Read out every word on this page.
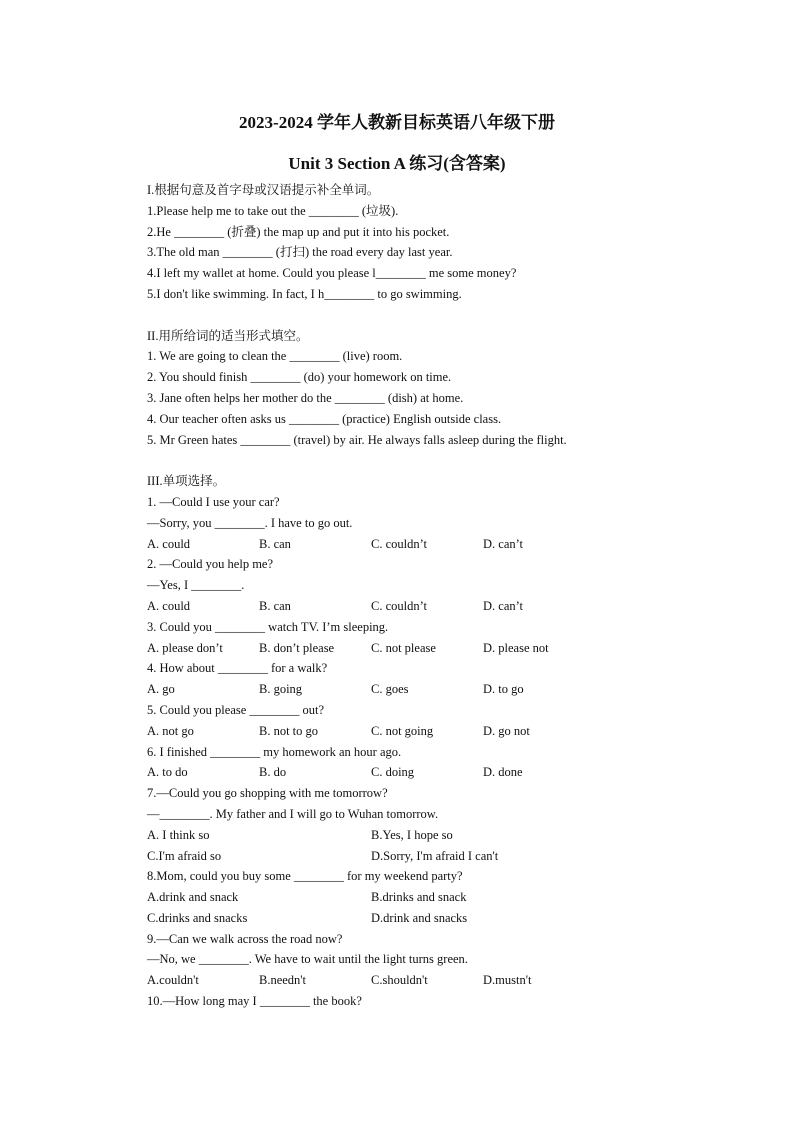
2023-2024 学年人教新目标英语八年级下册
Unit 3 Section A 练习(含答案)
I.根据句意及首字母或汉语提示补全单词。
1.Please help me to take out the ________ (垃圾).
2.He ________ (折叠) the map up and put it into his pocket.
3.The old man ________ (打扫) the road every day last year.
4.I left my wallet at home. Could you please l________ me some money?
5.I don't like swimming. In fact, I h________ to go swimming.
II.用所给词的适当形式填空。
1. We are going to clean the ________ (live) room.
2. You should finish ________ (do) your homework on time.
3. Jane often helps her mother do the ________ (dish) at home.
4. Our teacher often asks us ________ (practice) English outside class.
5. Mr Green hates ________ (travel) by air. He always falls asleep during the flight.
III.单项选择。
1. —Could I use your car?
—Sorry, you ________. I have to go out.
A. could	B. can	C. couldn’t	D. can’t
2. —Could you help me?
—Yes, I ________.
A. could	B. can	C. couldn’t	D. can’t
3. Could you ________ watch TV. I’m sleeping.
A. please don’t	B. don’t please	C. not please	D. please not
4. How about ________ for a walk?
A. go	B. going	C. goes	D. to go
5. Could you please ________ out?
A. not go	B. not to go	C. not going	D. go not
6. I finished ________ my homework an hour ago.
A. to do	B. do	C. doing	D. done
7.—Could you go shopping with me tomorrow?
—________. My father and I will go to Wuhan tomorrow.
A. I think so	B.Yes, I hope so
C.I'm afraid so	D.Sorry, I'm afraid I can't
8.Mom, could you buy some ________ for my weekend party?
A.drink and snack	B.drinks and snack
C.drinks and snacks	D.drink and snacks
9.—Can we walk across the road now?
—No, we ________. We have to wait until the light turns green.
A.couldn't	B.needn't	C.shouldn't	D.mustn't
10.—How long may I ________ the book?
